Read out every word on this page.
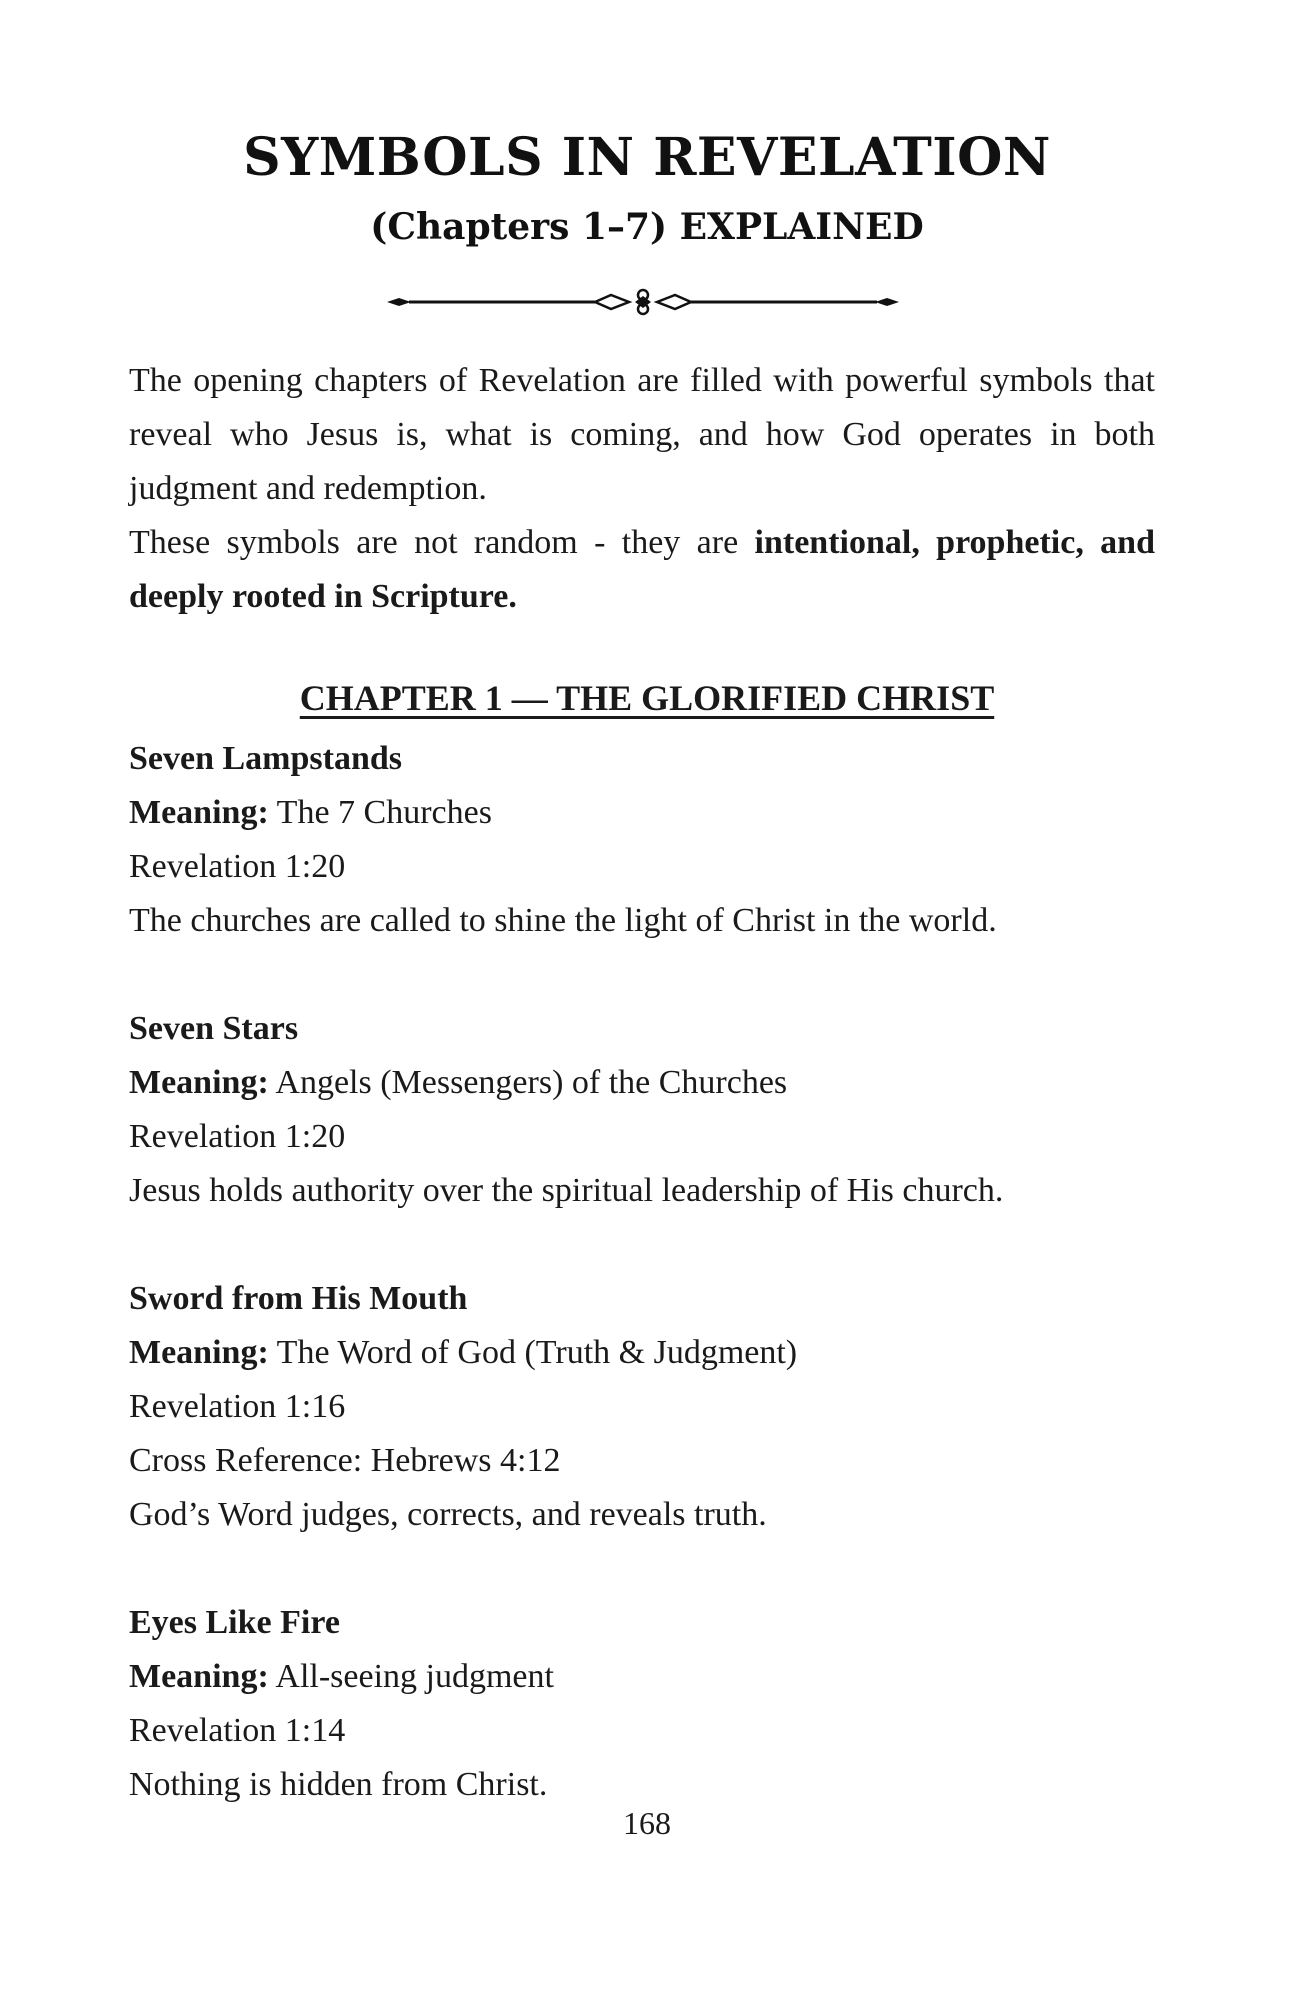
SYMBOLS IN REVELATION
(Chapters 1–7) EXPLAINED

The opening chapters of Revelation are filled with powerful symbols that reveal who Jesus is, what is coming, and how God operates in both judgment and redemption.

These symbols are not random - they are intentional, prophetic, and deeply rooted in Scripture.

CHAPTER 1 — THE GLORIFIED CHRIST
Seven Lampstands
Meaning: The 7 Churches
Revelation 1:20
The churches are called to shine the light of Christ in the world.
Seven Stars
Meaning: Angels (Messengers) of the Churches
Revelation 1:20
Jesus holds authority over the spiritual leadership of His church.
Sword from His Mouth
Meaning: The Word of God (Truth & Judgment)
Revelation 1:16
Cross Reference: Hebrews 4:12
God’s Word judges, corrects, and reveals truth.
Eyes Like Fire
Meaning: All-seeing judgment
Revelation 1:14
Nothing is hidden from Christ.
168
